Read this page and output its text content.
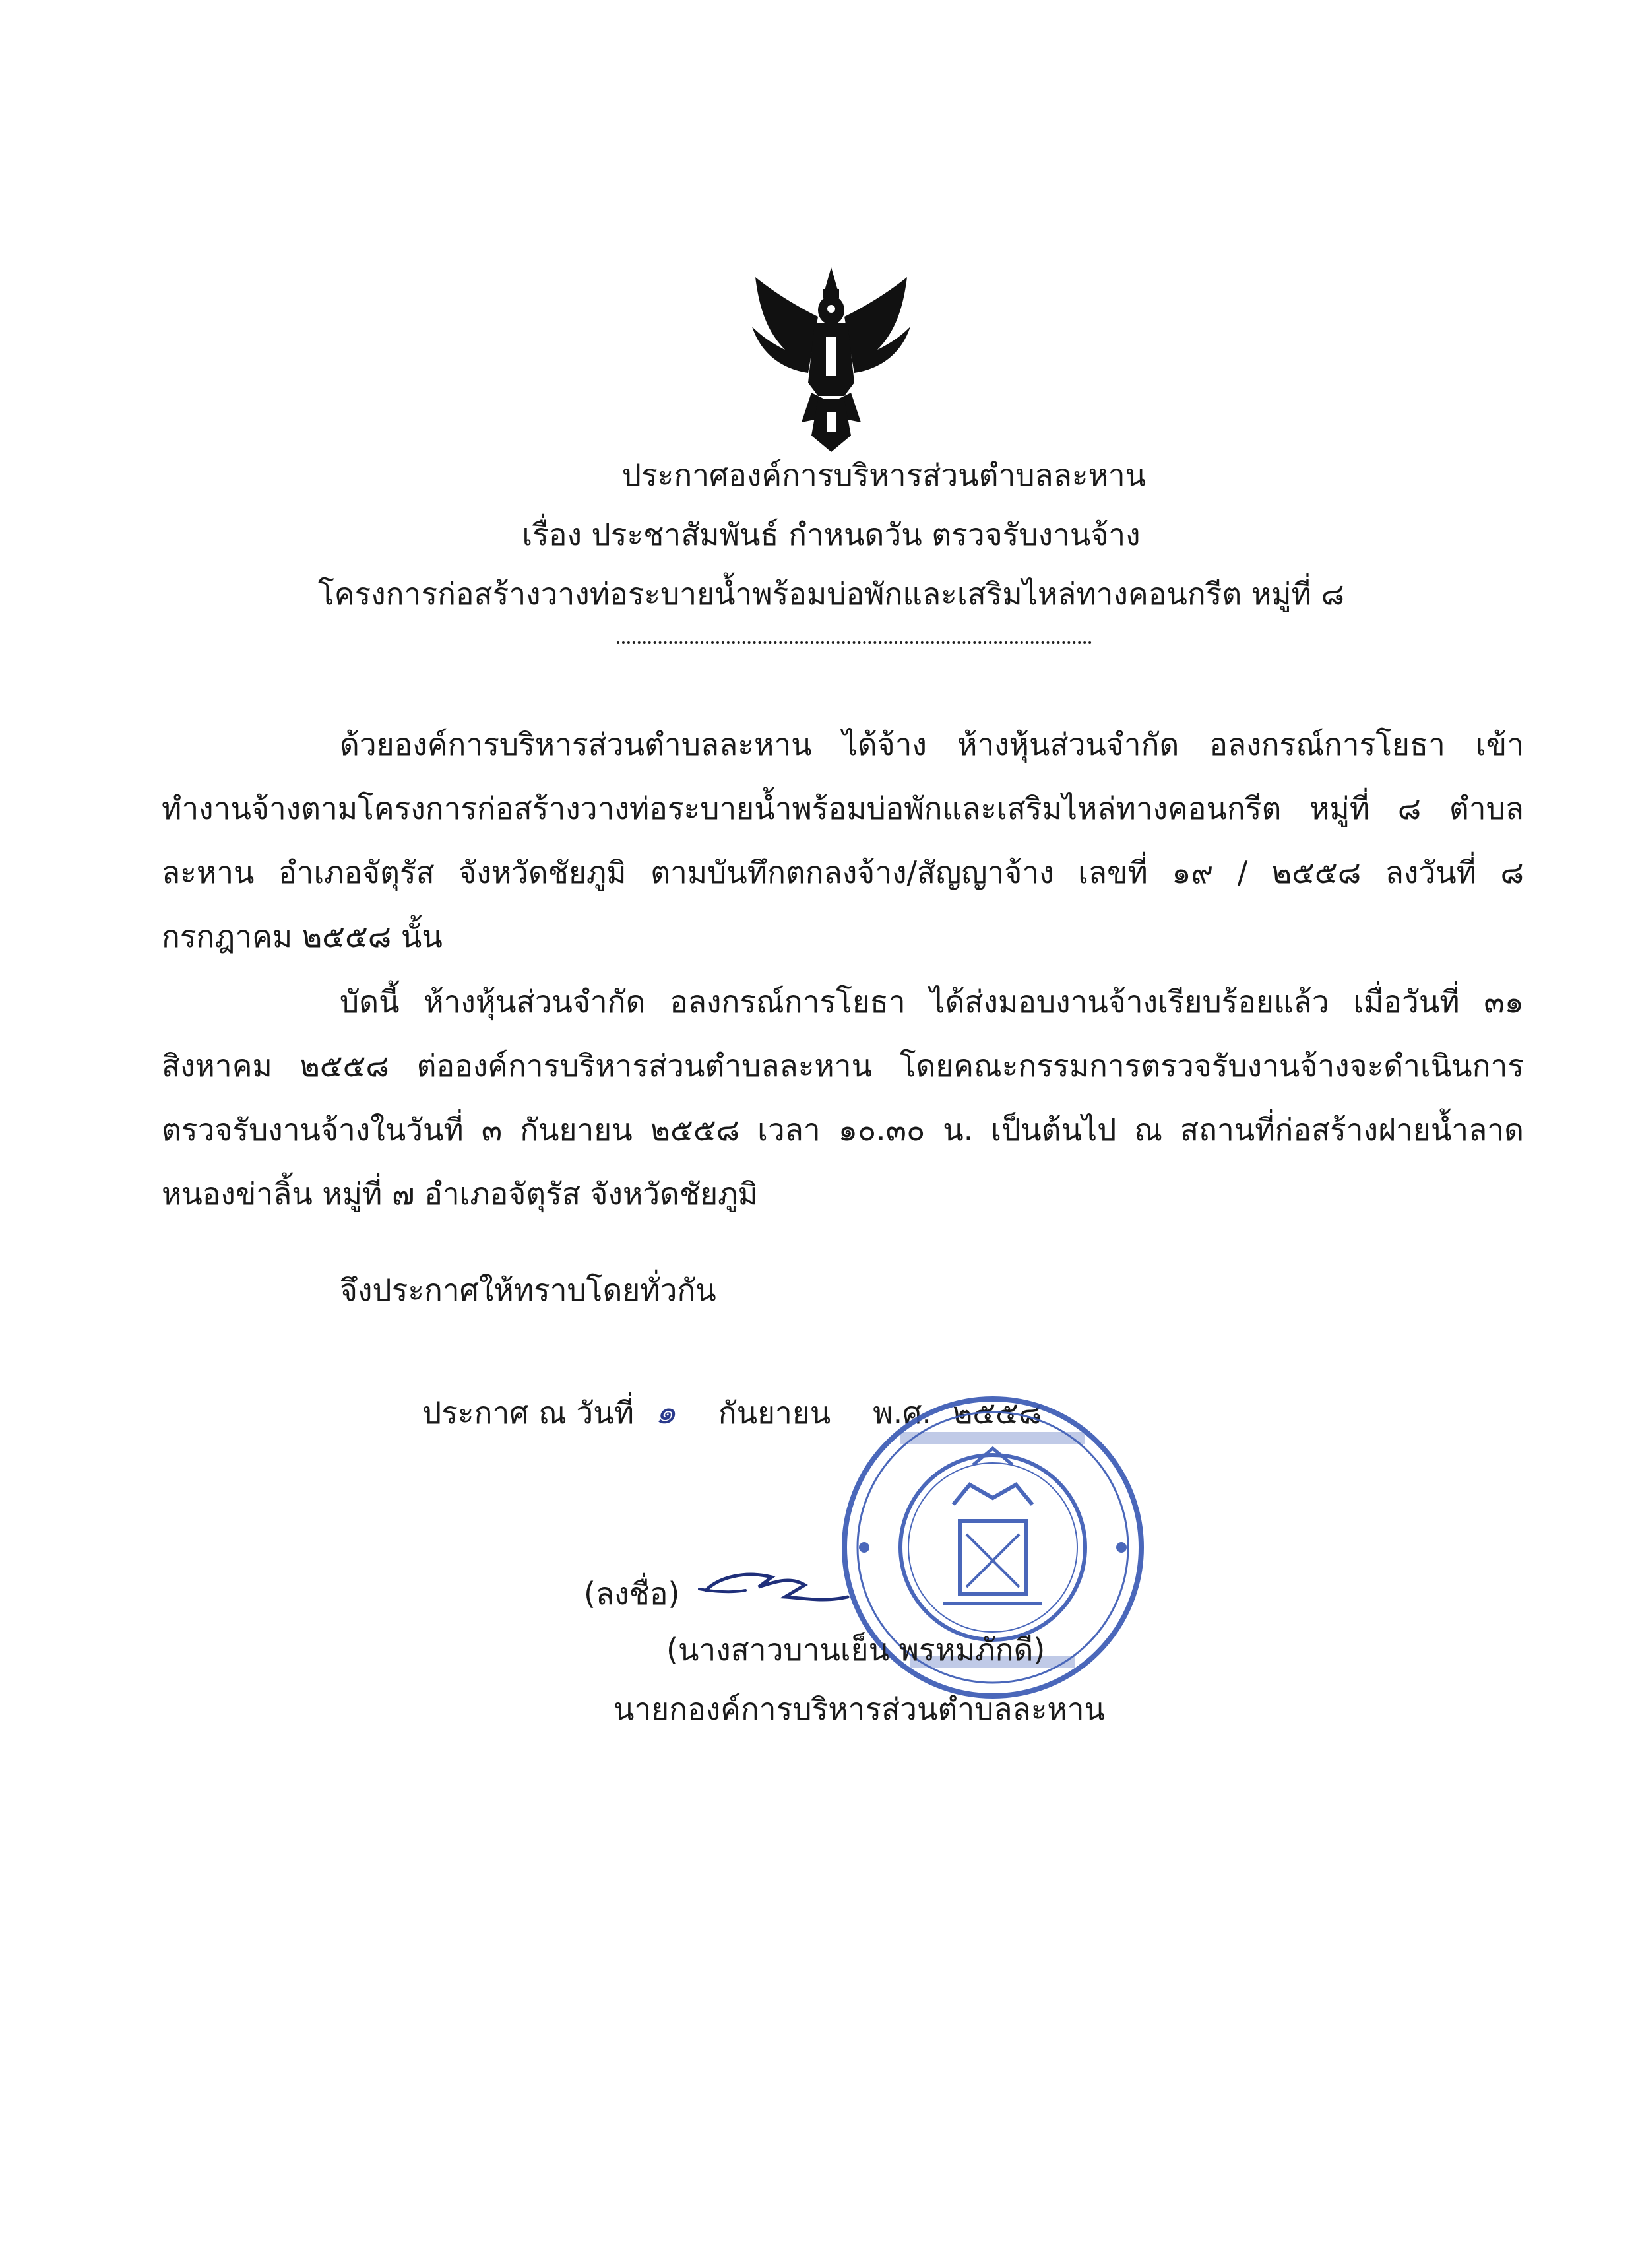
ประกาศองค์การบริหารส่วนตำบลละหาน
เรื่อง ประชาสัมพันธ์ กำหนดวัน ตรวจรับงานจ้าง
โครงการก่อสร้างวางท่อระบายน้ำพร้อมบ่อพักและเสริมไหล่ทางคอนกรีต หมู่ที่ ๘
ด้วยองค์การบริหารส่วนตำบลละหาน ได้จ้าง ห้างหุ้นส่วนจำกัด อลงกรณ์การโยธา เข้าทำงานจ้างตามโครงการก่อสร้างวางท่อระบายน้ำพร้อมบ่อพักและเสริมไหล่ทางคอนกรีต หมู่ที่ ๘ ตำบลละหาน อำเภอจัตุรัส จังหวัดชัยภูมิ ตามบันทึกตกลงจ้าง/สัญญาจ้าง เลขที่ ๑๙ / ๒๕๕๘ ลงวันที่ ๘ กรกฎาคม ๒๕๕๘ นั้น
บัดนี้ ห้างหุ้นส่วนจำกัด อลงกรณ์การโยธา ได้ส่งมอบงานจ้างเรียบร้อยแล้ว เมื่อวันที่ ๓๑ สิงหาคม ๒๕๕๘ ต่อองค์การบริหารส่วนตำบลละหาน โดยคณะกรรมการตรวจรับงานจ้างจะดำเนินการตรวจรับงานจ้างในวันที่ ๓ กันยายน ๒๕๕๘ เวลา ๑๐.๓๐ น. เป็นต้นไป ณ สถานที่ก่อสร้างฝายน้ำลาดหนองข่าลิ้น หมู่ที่ ๗ อำเภอจัตุรัส จังหวัดชัยภูมิ
จึงประกาศให้ทราบโดยทั่วกัน
ประกาศ ณ วันที่ ๑ กันยายน พ.ศ. ๒๕๕๘
(ลงชื่อ)
(นางสาวบานเย็น พรหมภักดี)
นายกองค์การบริหารส่วนตำบลละหาน
